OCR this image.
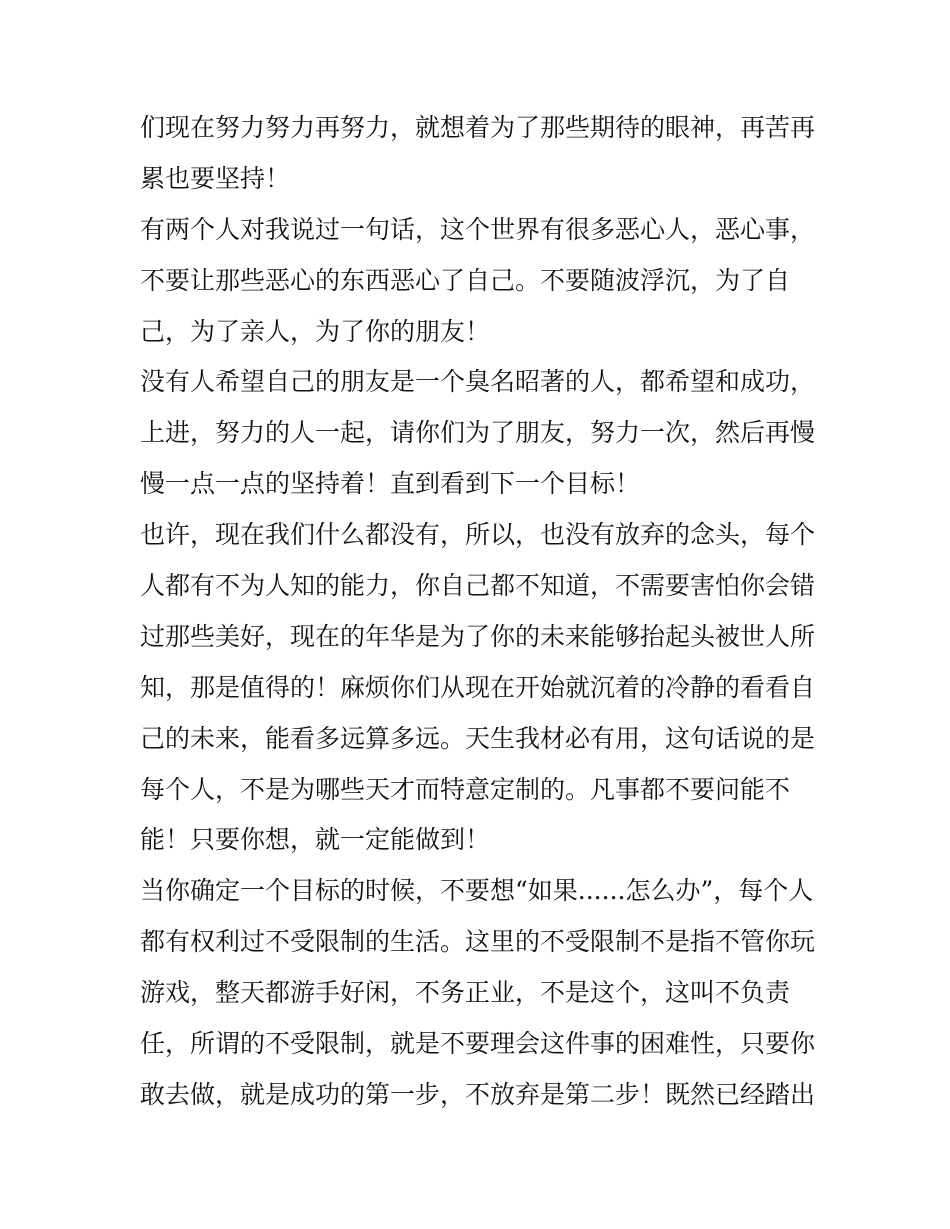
们现在努力努力再努力，就想着为了那些期待的眼神，再苦再
累也要坚持！
有两个人对我说过一句话，这个世界有很多恶心人，恶心事，
不要让那些恶心的东西恶心了自己。不要随波浮沉，为了自
己，为了亲人，为了你的朋友！
没有人希望自己的朋友是一个臭名昭著的人，都希望和成功，
上进，努力的人一起，请你们为了朋友，努力一次，然后再慢
慢一点一点的坚持着！直到看到下一个目标！
也许，现在我们什么都没有，所以，也没有放弃的念头，每个
人都有不为人知的能力，你自己都不知道，不需要害怕你会错
过那些美好，现在的年华是为了你的未来能够抬起头被世人所
知，那是值得的！麻烦你们从现在开始就沉着的冷静的看看自
己的未来，能看多远算多远。天生我材必有用，这句话说的是
每个人，不是为哪些天才而特意定制的。凡事都不要问能不
能！只要你想，就一定能做到！
当你确定一个目标的时候，不要想“如果......怎么办”，每个人
都有权利过不受限制的生活。这里的不受限制不是指不管你玩
游戏，整天都游手好闲，不务正业，不是这个，这叫不负责
任，所谓的不受限制，就是不要理会这件事的困难性，只要你
敢去做，就是成功的第一步，不放弃是第二步！既然已经踏出
